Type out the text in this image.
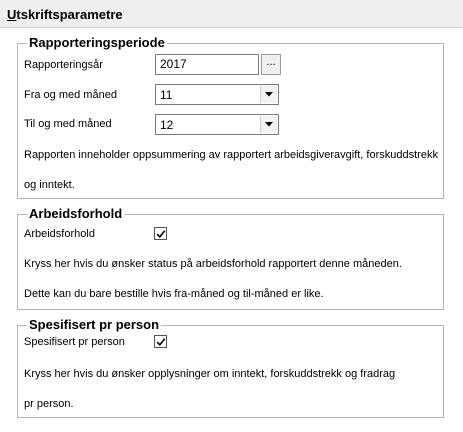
Utskriftsparametre
Rapporteringsperiode
Rapporteringsår	2017	...
Fra og med måned	11
Til og med måned	12
Rapporten inneholder oppsummering av rapportert arbeidsgiveravgift, forskuddstrekk
og inntekt.
Arbeidsforhold
Arbeidsforhold
Kryss her hvis du ønsker status på arbeidsforhold rapportert denne måneden.
Dette kan du bare bestille hvis fra-måned og til-måned er like.
Spesifisert pr person
Spesifisert pr person
Kryss her hvis du ønsker opplysninger om inntekt, forskuddstrekk og fradrag
pr person.
